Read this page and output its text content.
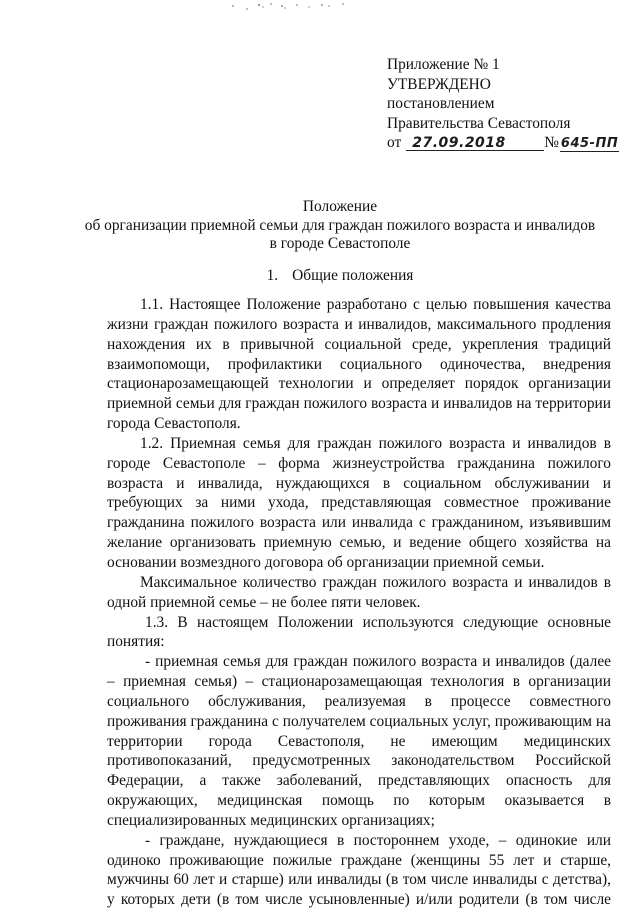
Приложение № 1
УТВЕРЖДЕНО
постановлением
Правительства Севастополя
от 27.09.2018	№ 645-ПП
Положение
об организации приемной семьи для граждан пожилого возраста и инвалидов
в городе Севастополе
1. Общие положения

1.1. Настоящее Положение разработано с целью повышения качества жизни граждан пожилого возраста и инвалидов, максимального продления нахождения их в привычной социальной среде, укрепления традиций взаимопомощи, профилактики социального одиночества, внедрения стационарозамещающей технологии и определяет порядок организации приемной семьи для граждан пожилого возраста и инвалидов на территории города Севастополя.

1.2. Приемная семья для граждан пожилого возраста и инвалидов в городе Севастополе – форма жизнеустройства гражданина пожилого возраста и инвалида, нуждающихся в социальном обслуживании и требующих за ними ухода, представляющая совместное проживание гражданина пожилого возраста или инвалида с гражданином, изъявившим желание организовать приемную семью, и ведение общего хозяйства на основании возмездного договора об организации приемной семьи.

Максимальное количество граждан пожилого возраста и инвалидов в одной приемной семье – не более пяти человек.

1.3. В настоящем Положении используются следующие основные понятия:

- приемная семья для граждан пожилого возраста и инвалидов (далее – приемная семья) – стационарозамещающая технология в организации социального обслуживания, реализуемая в процессе совместного проживания гражданина с получателем социальных услуг, проживающим на территории города Севастополя, не имеющим медицинских противопоказаний, предусмотренных законодательством Российской Федерации, а также заболеваний, представляющих опасность для окружающих, медицинская помощь по которым оказывается в специализированных медицинских организациях;

- граждане, нуждающиеся в постороннем уходе, – одинокие или одиноко проживающие пожилые граждане (женщины 55 лет и старше, мужчины 60 лет и старше) или инвалиды (в том числе инвалиды с детства), у которых дети (в том числе усыновленные) и/или родители (в том числе
